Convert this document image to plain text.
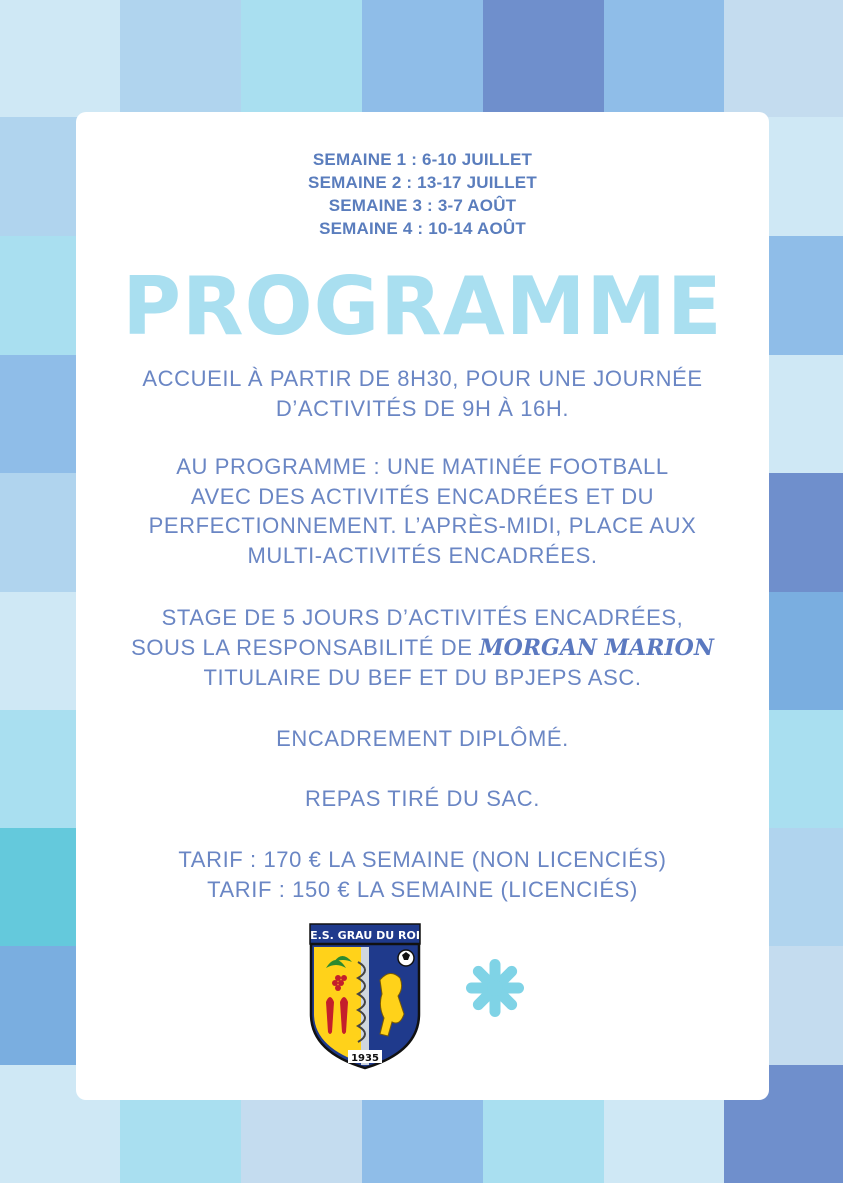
SEMAINE 1 : 6-10 JUILLET
SEMAINE 2 : 13-17 JUILLET
SEMAINE 3 : 3-7 AOÛT
SEMAINE 4 : 10-14 AOÛT
PROGRAMME
ACCUEIL À PARTIR DE 8H30, POUR UNE JOURNÉE
D’ACTIVITÉS DE 9H À 16H.
AU PROGRAMME : UNE MATINÉE FOOTBALL
AVEC DES ACTIVITÉS ENCADRÉES ET DU
PERFECTIONNEMENT. L’APRÈS-MIDI, PLACE AUX
MULTI-ACTIVITÉS ENCADRÉES.
STAGE DE 5 JOURS D’ACTIVITÉS ENCADRÉES,
SOUS LA RESPONSABILITÉ DE MORGAN MARION
TITULAIRE DU BEF ET DU BPJEPS ASC.
ENCADREMENT DIPLÔMÉ.
REPAS TIRÉ DU SAC.
TARIF : 170 € LA SEMAINE (NON LICENCIÉS)
TARIF : 150 € LA SEMAINE (LICENCIÉS)
E.S. GRAU DU ROI
1935
